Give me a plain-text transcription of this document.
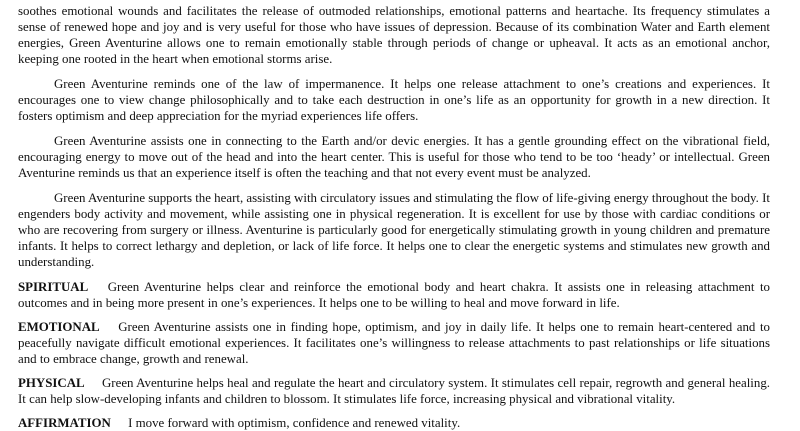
soothes emotional wounds and facilitates the release of outmoded relationships, emotional patterns and heartache. Its frequency stimulates a sense of renewed hope and joy and is very useful for those who have issues of depression. Because of its combination Water and Earth element energies, Green Aventurine allows one to remain emotionally stable through periods of change or upheaval. It acts as an emotional anchor, keeping one rooted in the heart when emotional storms arise.

Green Aventurine reminds one of the law of impermanence. It helps one release attachment to one’s creations and experiences. It encourages one to view change philosophically and to take each destruction in one’s life as an opportunity for growth in a new direction. It fosters optimism and deep appreciation for the myriad experiences life offers.

Green Aventurine assists one in connecting to the Earth and/or devic energies. It has a gentle grounding effect on the vibrational field, encouraging energy to move out of the head and into the heart center. This is useful for those who tend to be too ‘heady’ or intellectual. Green Aventurine reminds us that an experience itself is often the teaching and that not every event must be analyzed.

Green Aventurine supports the heart, assisting with circulatory issues and stimulating the flow of life-giving energy throughout the body. It engenders body activity and movement, while assisting one in physical regeneration. It is excellent for use by those with cardiac conditions or who are recovering from surgery or illness. Aventurine is particularly good for energetically stimulating growth in young children and premature infants. It helps to correct lethargy and depletion, or lack of life force. It helps one to clear the energetic systems and stimulates new growth and understanding.

SPIRITUAL Green Aventurine helps clear and reinforce the emotional body and heart chakra. It assists one in releasing attachment to outcomes and in being more present in one’s experiences. It helps one to be willing to heal and move forward in life.

EMOTIONAL Green Aventurine assists one in finding hope, optimism, and joy in daily life. It helps one to remain heart-centered and to peacefully navigate difficult emotional experiences. It facilitates one’s willingness to release attachments to past relationships or life situations and to embrace change, growth and renewal.

PHYSICAL Green Aventurine helps heal and regulate the heart and circulatory system. It stimulates cell repair, regrowth and general healing. It can help slow-developing infants and children to blossom. It stimulates life force, increasing physical and vibrational vitality.

AFFIRMATION I move forward with optimism, confidence and renewed vitality.
